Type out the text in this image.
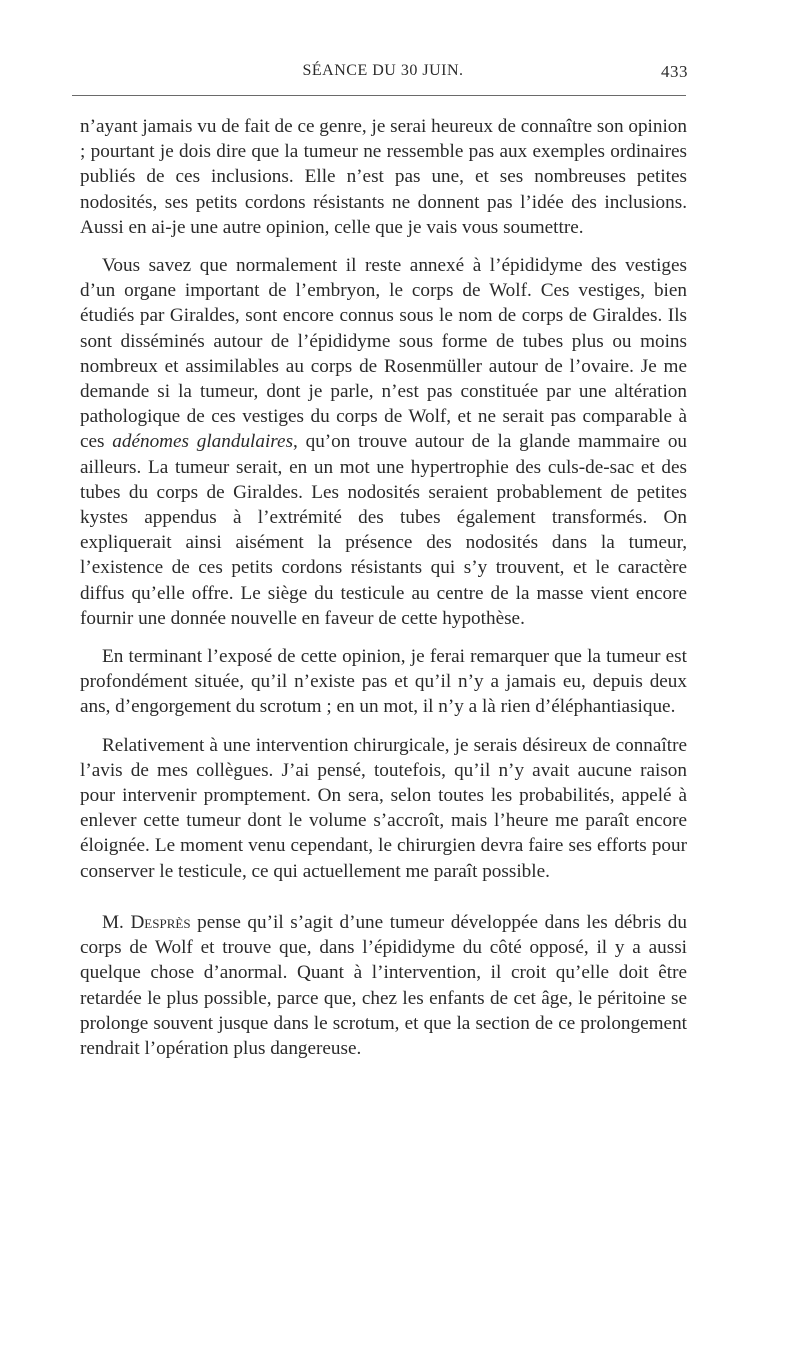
SÉANCE DU 30 JUIN.	433

n’ayant jamais vu de fait de ce genre, je serai heureux de connaître son opinion ; pourtant je dois dire que la tumeur ne ressemble pas aux exemples ordinaires publiés de ces inclusions. Elle n’est pas une, et ses nombreuses petites nodosités, ses petits cordons résistants ne donnent pas l’idée des inclusions. Aussi en ai-je une autre opinion, celle que je vais vous soumettre.

Vous savez que normalement il reste annexé à l’épididyme des vestiges d’un organe important de l’embryon, le corps de Wolf. Ces vestiges, bien étudiés par Giraldes, sont encore connus sous le nom de corps de Giraldes. Ils sont disséminés autour de l’épididyme sous forme de tubes plus ou moins nombreux et assimilables au corps de Rosenmüller autour de l’ovaire. Je me demande si la tumeur, dont je parle, n’est pas constituée par une altération pathologique de ces vestiges du corps de Wolf, et ne serait pas comparable à ces adénomes glandulaires, qu’on trouve autour de la glande mammaire ou ailleurs. La tumeur serait, en un mot une hypertrophie des culs-de-sac et des tubes du corps de Giraldes. Les nodosités seraient probablement de petites kystes appendus à l’extrémité des tubes également transformés. On expliquerait ainsi aisément la présence des nodosités dans la tumeur, l’existence de ces petits cordons résistants qui s’y trouvent, et le caractère diffus qu’elle offre. Le siège du testicule au centre de la masse vient encore fournir une donnée nouvelle en faveur de cette hypothèse.

En terminant l’exposé de cette opinion, je ferai remarquer que la tumeur est profondément située, qu’il n’existe pas et qu’il n’y a jamais eu, depuis deux ans, d’engorgement du scrotum ; en un mot, il n’y a là rien d’éléphantiasique.

Relativement à une intervention chirurgicale, je serais désireux de connaître l’avis de mes collègues. J’ai pensé, toutefois, qu’il n’y avait aucune raison pour intervenir promptement. On sera, selon toutes les probabilités, appelé à enlever cette tumeur dont le volume s’accroît, mais l’heure me paraît encore éloignée. Le moment venu cependant, le chirurgien devra faire ses efforts pour conserver le testicule, ce qui actuellement me paraît possible.

M. Desprès pense qu’il s’agit d’une tumeur développée dans les débris du corps de Wolf et trouve que, dans l’épididyme du côté opposé, il y a aussi quelque chose d’anormal. Quant à l’intervention, il croit qu’elle doit être retardée le plus possible, parce que, chez les enfants de cet âge, le péritoine se prolonge souvent jusque dans le scrotum, et que la section de ce prolongement rendrait l’opération plus dangereuse.
